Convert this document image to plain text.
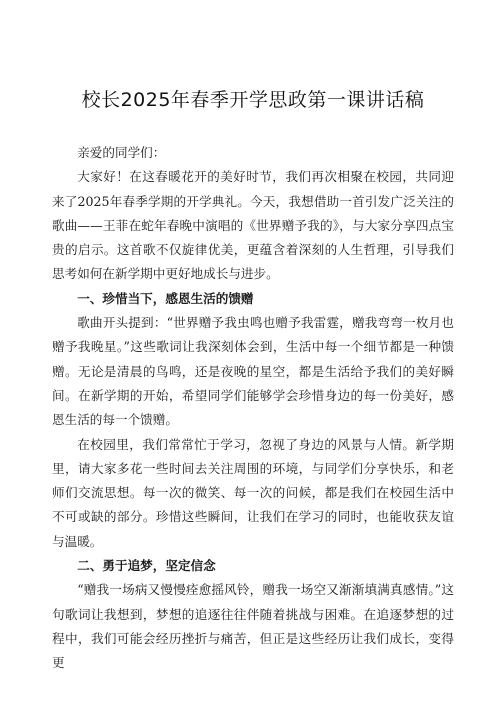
校长2025年春季开学思政第一课讲话稿

亲爱的同学们：

大家好！在这春暖花开的美好时节，我们再次相聚在校园，共同迎来了2025年春季学期的开学典礼。今天，我想借助一首引发广泛关注的歌曲——王菲在蛇年春晚中演唱的《世界赠予我的》，与大家分享四点宝贵的启示。这首歌不仅旋律优美，更蕴含着深刻的人生哲理，引导我们思考如何在新学期中更好地成长与进步。

一、珍惜当下，感恩生活的馈赠

歌曲开头提到：“世界赠予我虫鸣也赠予我雷霆，赠我弯弯一枚月也赠予我晚星。”这些歌词让我深刻体会到，生活中每一个细节都是一种馈赠。无论是清晨的鸟鸣，还是夜晚的星空，都是生活给予我们的美好瞬间。在新学期的开始，希望同学们能够学会珍惜身边的每一份美好，感恩生活的每一个馈赠。

在校园里，我们常常忙于学习，忽视了身边的风景与人情。新学期里，请大家多花一些时间去关注周围的环境，与同学们分享快乐，和老师们交流思想。每一次的微笑、每一次的问候，都是我们在校园生活中不可或缺的部分。珍惜这些瞬间，让我们在学习的同时，也能收获友谊与温暖。

二、勇于追梦，坚定信念

“赠我一场病又慢慢痊愈摇风铃，赠我一场空又渐渐填满真感情。”这句歌词让我想到，梦想的追逐往往伴随着挑战与困难。在追逐梦想的过程中，我们可能会经历挫折与痛苦，但正是这些经历让我们成长，变得更
